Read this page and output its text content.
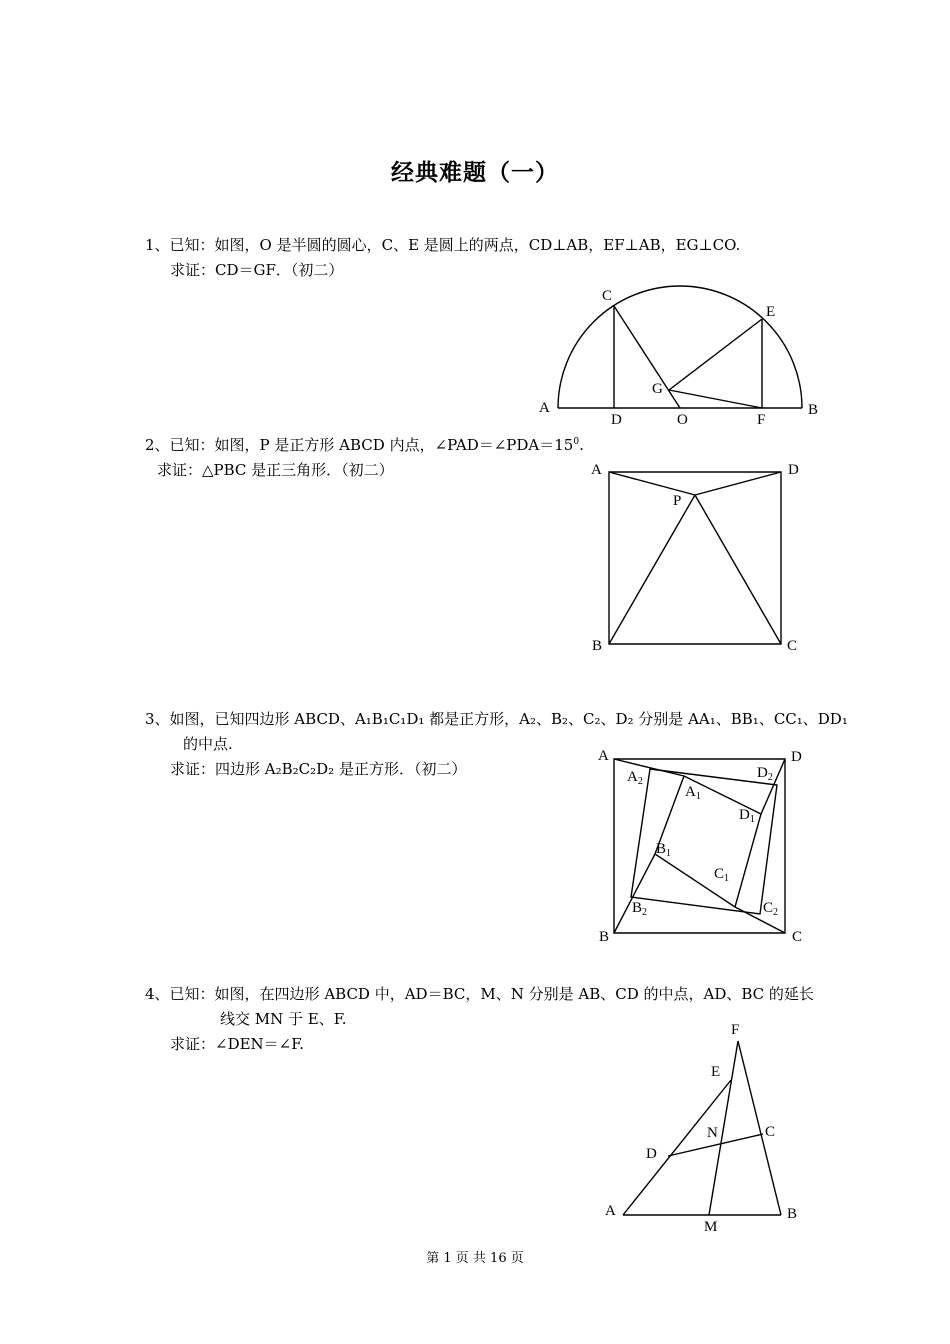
经典难题（一）
1、已知：如图，O 是半圆的圆心，C、E 是圆上的两点，CD⊥AB，EF⊥AB，EG⊥CO.
求证：CD＝GF．（初二）
A	B
C
D
E
F
G
O
2、已知：如图，P 是正方形 ABCD 内点，$\angle PAD=\angle PDA=15^0$.
求证：△PBC 是正三角形．（初二）	A	D
B	C
P
3、如图，已知四边形 ABCD、A₁B₁C₁D₁ 都是正方形，A₂、B₂、C₂、D₂ 分别是 AA₁、BB₁、CC₁、DD₁
的中点.
求证：四边形 A₂B₂C₂D₂ 是正方形．（初二）
A	D
B	C
$A_2$
$D_2$
$A_1$
$D_1$
$B_1$
$C_1$
$B_2$	$C_2$
4、已知：如图，在四边形 ABCD 中，AD＝BC，M、N 分别是 AB、CD 的中点，AD、BC 的延长
线交 MN 于 E、F.
求证：∠DEN＝∠F.
A	B
C
D
E
F
M
N
第 1 页 共 16 页
